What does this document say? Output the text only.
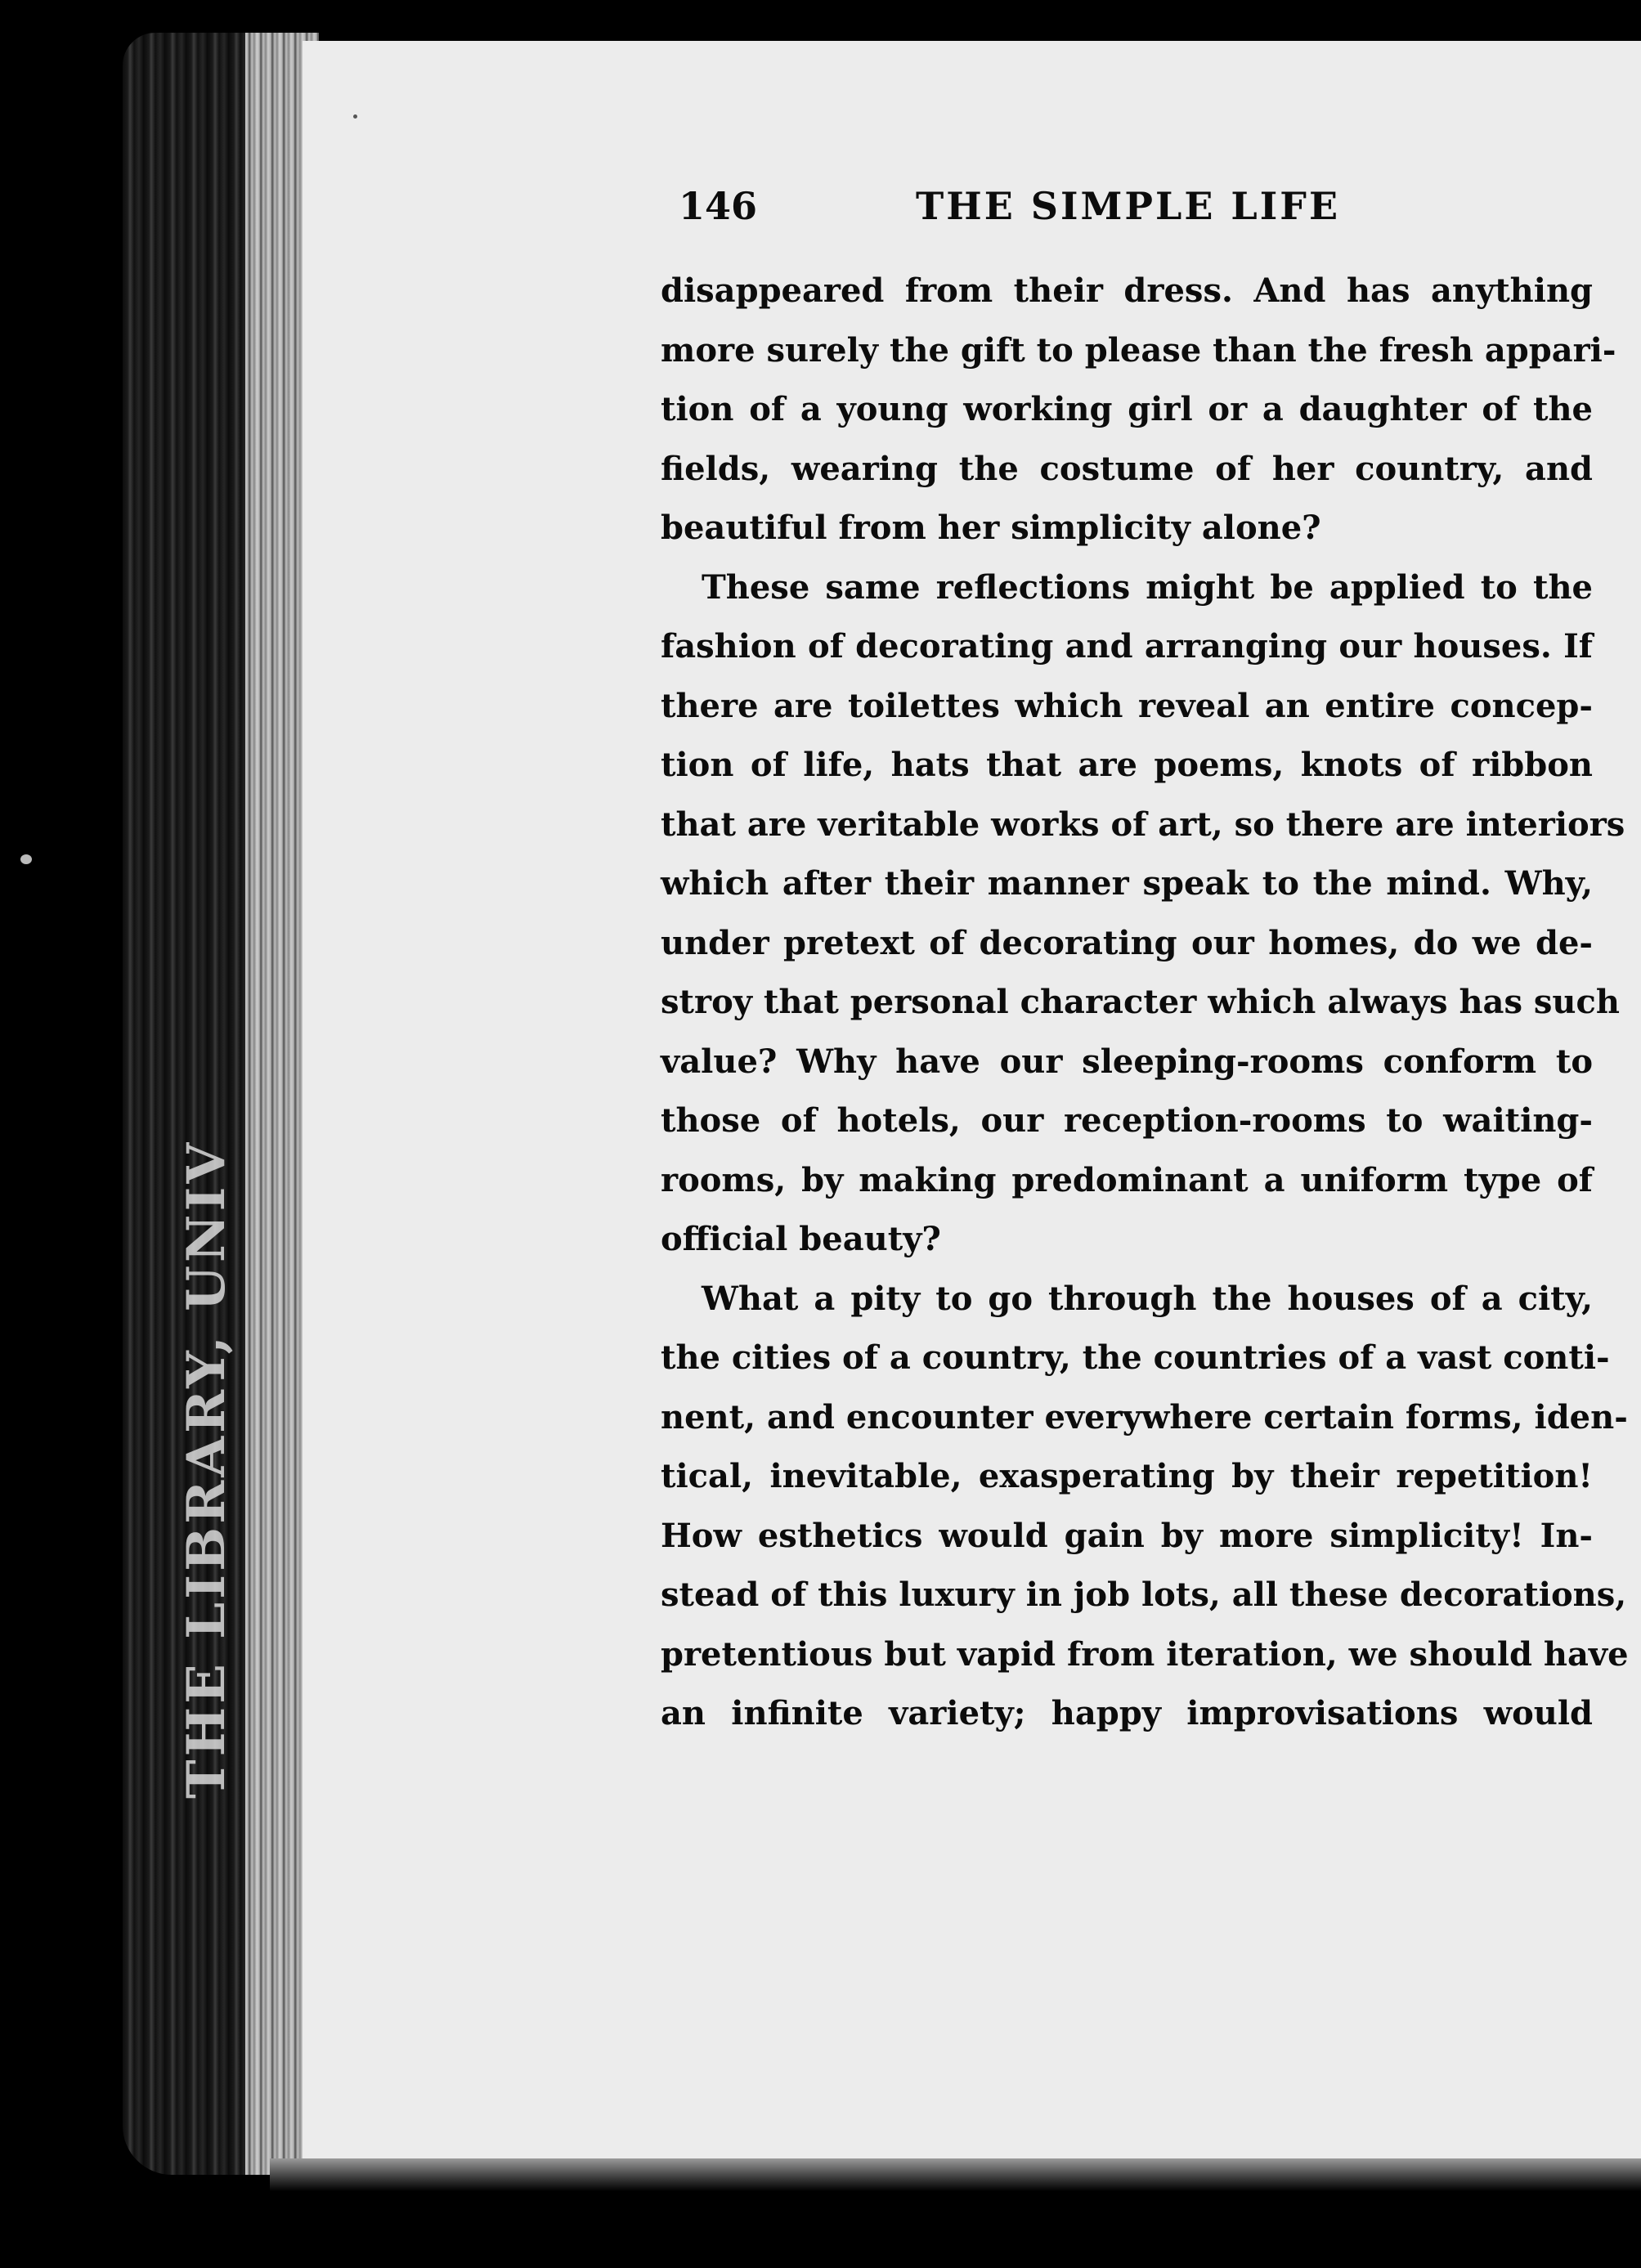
THE LIBRARY, UNIV
146	THE SIMPLE LIFE
disappeared from their dress. And has anything
more surely the gift to please than the fresh appari-
tion of a young working girl or a daughter of the
fields, wearing the costume of her country, and
beautiful from her simplicity alone?
These same reflections might be applied to the
fashion of decorating and arranging our houses. If
there are toilettes which reveal an entire concep-
tion of life, hats that are poems, knots of ribbon
that are veritable works of art, so there are interiors
which after their manner speak to the mind. Why,
under pretext of decorating our homes, do we de-
stroy that personal character which always has such
value? Why have our sleeping-rooms conform to
those of hotels, our reception-rooms to waiting-
rooms, by making predominant a uniform type of
official beauty?
What a pity to go through the houses of a city,
the cities of a country, the countries of a vast conti-
nent, and encounter everywhere certain forms, iden-
tical, inevitable, exasperating by their repetition!
How esthetics would gain by more simplicity! In-
stead of this luxury in job lots, all these decorations,
pretentious but vapid from iteration, we should have
an infinite variety; happy improvisations would
